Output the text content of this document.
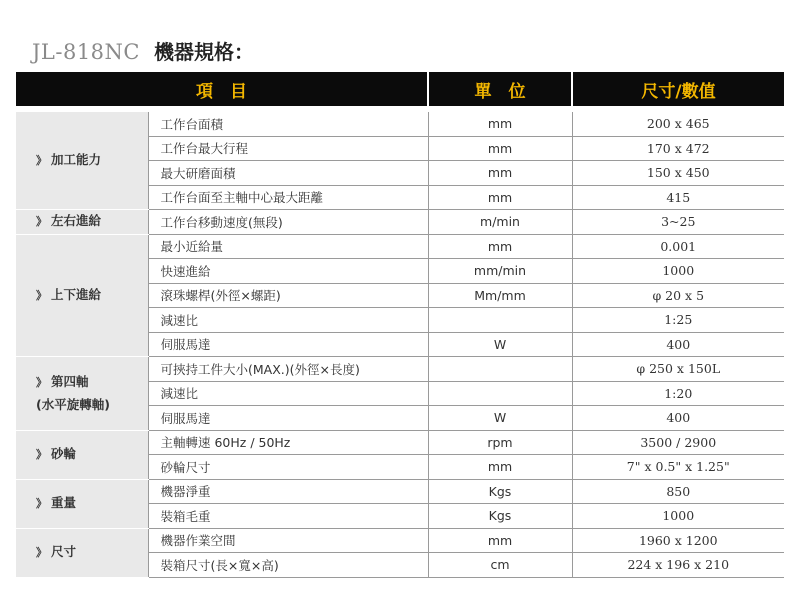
JL-818NC 機器規格：
項　目		單　位	尺寸/數值
》 加工能力	工作台面積	mm	200 x 465
	工作台最大行程	mm	170 x 472
	最大研磨面積	mm	150 x 450
	工作台面至主軸中心最大距離	mm	415
》 左右進給	工作台移動速度(無段)	m/min	3~25
》 上下進給	最小近給量	mm	0.001
	快速進給	mm/min	1000
	滾珠螺桿(外徑×螺距)	Mm/mm	φ 20 x 5
	減速比		1:25
	伺服馬達	W	400
》 第四軸
(水平旋轉軸)	可挾持工件大小(MAX.)(外徑×長度)		φ 250 x 150L
	減速比		1:20
	伺服馬達	W	400
》 砂輪	主軸轉速 60Hz / 50Hz	rpm	3500 / 2900
	砂輪尺寸	mm	7" x 0.5" x 1.25"
》 重量	機器淨重	Kgs	850
	裝箱毛重	Kgs	1000
》 尺寸	機器作業空間	mm	1960 x 1200
	裝箱尺寸(長×寬×高)	cm	224 x 196 x 210
